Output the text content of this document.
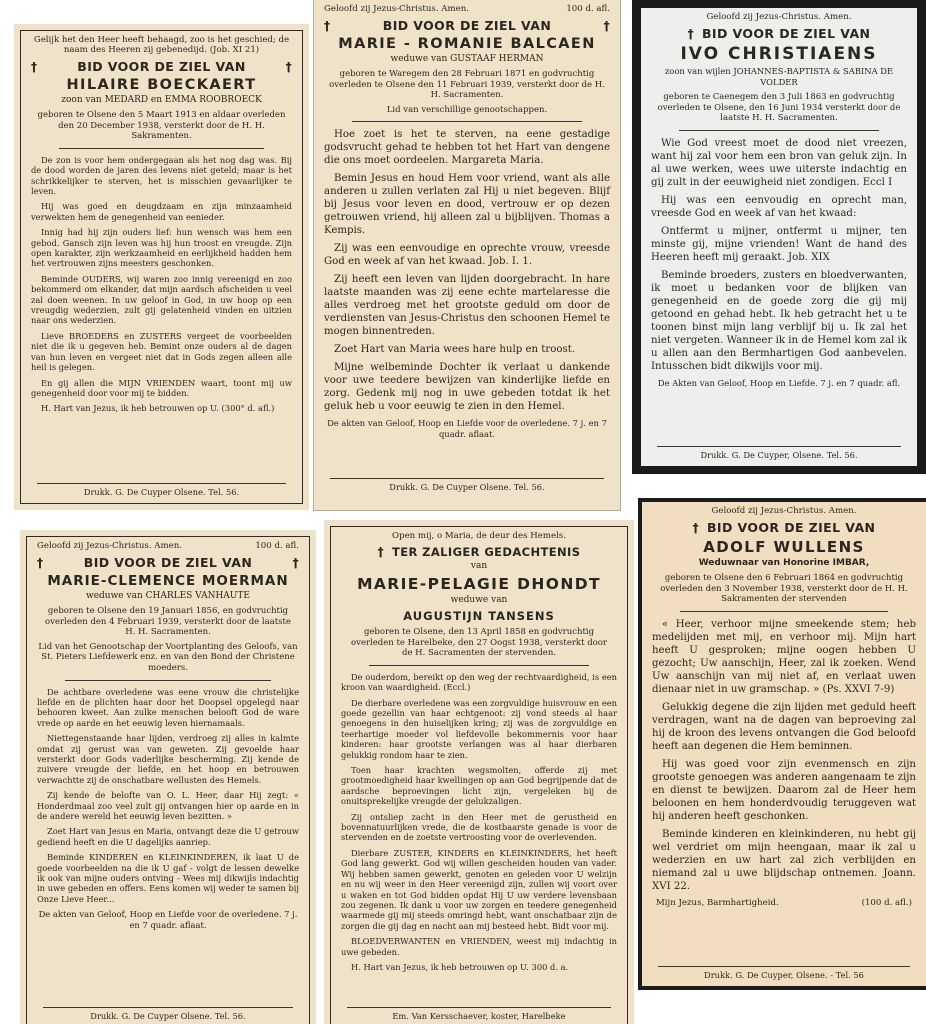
Gelijk het den Heer heeft behaagd, zoo is het geschied; de naam des Heeren zij gebenedijd. (Job. XI 21)
†	BID VOOR DE ZIEL VAN	†
HILAIRE BOECKAERT
zoon van MEDARD en EMMA ROOBROECK
geboren te Olsene den 5 Maart 1913 en aldaar overleden den 20 December 1938, versterkt door de H. H. Sakramenten.

De zon is voor hem ondergegaan als het nog dag was. Bij de dood worden de jaren des levens niet geteld; maar is het schrikkelijker te sterven, het is misschien gevaarlijker te leven.

Hij was goed en deugdzaam en zijn minzaamheid verwekten hem de genegenheid van eenieder.

Innig had hij zijn ouders lief: hun wensch was hem een gebod. Gansch zijn leven was hij hun troost en vreugde. Zijn open karakter, zijn werkzaamheid en eerlijkheid hadden hem het vertrouwen zijns meesters geschonken.

Beminde OUDERS, wij waren zoo innig vereenigd en zoo bekommerd om elkander, dat mijn aardsch afscheiden u veel zal doen weenen. In uw geloof in God, in uw hoop op een vreugdig wederzien, zult gij gelatenheid vinden en uitzien naar ons wederzien.

Lieve BROEDERS en ZUSTERS vergeet de voorbeelden niet die ik u gegeven heb. Bemint onze ouders al de dagen van hun leven en vergeet niet dat in Gods zegen alleen alle heil is gelegen.

En gij allen die MIJN VRIENDEN waart, toont mij uw genegenheid door voor mij te bidden.

H. Hart van Jezus, ik heb betrouwen op U. (300° d. afl.)

Drukk. G. De Cuyper Olsene. Tel. 56.
Geloofd zij Jezus-Christus. Amen.	100 d. afl.
†	BID VOOR DE ZIEL VAN	†
MARIE - ROMANIE BALCAEN
weduwe van GUSTAAF HERMAN
geboren te Waregem den 28 Februari 1871 en godvruchtig overleden te Olsene den 11 Februari 1939, versterkt door de H. H. Sacramenten.
Lid van verschillige genootschappen.

Hoe zoet is het te sterven, na eene gestadige godsvrucht gehad te hebben tot het Hart van dengene die ons moet oordeelen. Margareta Maria.

Bemin Jesus en houd Hem voor vriend, want als alle anderen u zullen verlaten zal Hij u niet begeven. Blijf bij Jesus voor leven en dood, vertrouw er op dezen getrouwen vriend, hij alleen zal u bijblijven. Thomas a Kempis.

Zij was een eenvoudige en oprechte vrouw, vreesde God en week af van het kwaad. Job. I. 1.

Zij heeft een leven van lijden doorgebracht. In hare laatste maanden was zij eene echte martelaresse die alles verdroeg met het grootste geduld om door de verdiensten van Jesus-Christus den schoonen Hemel te mogen binnentreden.

Zoet Hart van Maria wees hare hulp en troost.

Mijne welbeminde Dochter ik verlaat u dankende voor uwe teedere bewijzen van kinderlijke liefde en zorg. Gedenk mij nog in uwe gebeden totdat ik het geluk heb u voor eeuwig te zien in den Hemel.

De akten van Geloof, Hoop en Liefde voor de overledene. 7 j. en 7 quadr. aflaat.
Drukk. G. De Cuyper Olsene. Tel. 56.
Geloofd zij Jezus-Christus. Amen.
† BID VOOR DE ZIEL VAN
IVO CHRISTIAENS
zoon van wijlen JOHANNES-BAPTISTA & SABINA DE VOLDER
geboren te Caenegem den 3 Juli 1863 en godvruchtig overleden te Olsene, den 16 Juni 1934 versterkt door de laatste H. H. Sacramenten.

Wie God vreest moet de dood niet vreezen, want hij zal voor hem een bron van geluk zijn. In al uwe werken, wees uwe uiterste indachtig en gij zult in der eeuwigheid niet zondigen. Eccl I

Hij was een eenvoudig en oprecht man, vreesde God en week af van het kwaad:

Ontfermt u mijner, ontfermt u mijner, ten minste gij, mijne vrienden! Want de hand des Heeren heeft mij geraakt. Job. XIX

Beminde broeders, zusters en bloedverwanten, ik moet u bedanken voor de blijken van genegenheid en de goede zorg die gij mij getoond en gehad hebt. Ik heb getracht het u te toonen binst mijn lang verblijf bij u. Ik zal het niet vergeten. Wanneer ik in de Hemel kom zal ik u allen aan den Bermhartigen God aanbevelen. Intusschen bidt dikwijls voor mij.

De Akten van Geloof, Hoop en Liefde. 7 j. en 7 quadr. afl.
Drukk. G. De Cuyper, Olsene. Tel. 56.
Geloofd zij Jezus-Christus. Amen.	100 d. afl.
†	BID VOOR DE ZIEL VAN	†
MARIE-CLEMENCE MOERMAN
weduwe van CHARLES VANHAUTE
geboren te Olsene den 19 Januari 1856, en godvruchtig overleden den 4 Februari 1939, versterkt door de laatste H. H. Sacramenten.
Lid van het Genootschap der Voortplanting des Geloofs, van St. Pieters Liefdewerk enz. en van den Bond der Christene moeders.

De achtbare overledene was eene vrouw die christelijke liefde en de plichten haar door het Doopsel opgelegd naar behooren kweet. Aan zulke menschen belooft God de ware vrede op aarde en het eeuwig leven hiernamaals.

Niettegenstaande haar lijden, verdroeg zij alles in kalmte omdat zij gerust was van geweten. Zij gevoelde haar versterkt door Gods vaderlijke bescherming. Zij kende de zuivere vreugde der liefde, en het hoop en betrouwen verwachtte zij de onschatbare wellusten des Hemels.

Zij kende de belofte van O. L. Heer, daar Hij zegt: « Honderdmaal zoo veel zult gij ontvangen hier op aarde en in de andere wereld het eeuwig leven bezitten. »

Zoet Hart van Jesus en Maria, ontvangt deze die U getrouw gediend heeft en die U dagelijks aanriep.

Beminde KINDEREN en KLEINKINDEREN, ik laat U de goede voorbeelden na die ik U gaf - volgt de lessen dewelke ik ook van mijne ouders ontving - Wees mij dikwijls indachtig in uwe gebeden en offers. Eens komen wij weder te samen bij Onze Lieve Heer...

De akten van Geloof, Hoop en Liefde voor de overledene. 7 j. en 7 quadr. aflaat.
Drukk. G. De Cuyper Olsene. Tel. 56.
Open mij, o Maria, de deur des Hemels.
† TER ZALIGER GEDACHTENIS
van
MARIE-PELAGIE DHONDT
weduwe van
AUGUSTIJN TANSENS
geboren te Olsene, den 13 April 1858 en godvruchtig overleden te Harelbeke, den 27 Oogst 1938, versterkt door de H. Sacramenten der stervenden.

De ouderdom, bereikt op den weg der rechtvaardigheid, is een kroon van waardigheid. (Eccl.)

De dierbare overledene was een zorgvuldige huisvrouw en een goede gezellin van haar echtgenoot: zij vond steeds al haar genoegens in den huiselijken kring; zij was de zorgvuldige en teerhartige moeder vol liefdevolle bekommernis voor haar kinderen: haar grootste verlangen was al haar dierbaren gelukkig rondom haar te zien.

Toen haar krachten wegsmolten, offerde zij met grootmoedigheid haar kwellingen op aan God begrijpende dat de aardsche beproevingen licht zijn, vergeleken bij de onuitsprekelijke vreugde der gelukzaligen.

Zij ontsliep zacht in den Heer met de gerustheid en bovennatuurlijken vrede, die de kostbaarste genade is voor de stervenden en de zoetste vertroosting voor de overlevenden.

Dierbare ZUSTER, KINDERS en KLEINKINDERS, het heeft God lang gewerkt. God wij willen gescheiden houden van vader. Wij hebben samen gewerkt, genoten en geleden voor U welzijn en nu wij weer in den Heer vereenigd zijn, zullen wij voort over u waken en tot God bidden opdat Hij U uw verdere levensbaan zou zegenen. Ik dank u voor uw zorgen en teedere genegenheid waarmede gij mij steeds omringd hebt, want onschatbaar zijn de zorgen die gij dag en nacht aan mij besteed hebt. Bidt voor mij.

BLOEDVERWANTEN en VRIENDEN, weest mij indachtig in uwe gebeden.

H. Hart van Jezus, ik heb betrouwen op U. 300 d. a.

Em. Van Kersschaever, koster, Harelbeke
Geloofd zij Jezus-Christus. Amen.
† BID VOOR DE ZIEL VAN
ADOLF WULLENS
Weduwnaar van Honorine IMBAR,
geboren te Olsene den 6 Februari 1864 en godvruchtig overleden den 3 November 1938, versterkt door de H. H. Sakramenten der stervenden

« Heer, verhoor mijne smeekende stem; heb medelijden met mij, en verhoor mij. Mijn hart heeft U gesproken; mijne oogen hebben U gezocht; Uw aanschijn, Heer, zal ik zoeken. Wend Uw aanschijn van mij niet af, en verlaat uwen dienaar niet in uw gramschap. » (Ps. XXVI 7-9)

Gelukkig degene die zijn lijden met geduld heeft verdragen, want na de dagen van beproeving zal hij de kroon des levens ontvangen die God beloofd heeft aan degenen die Hem beminnen.

Hij was goed voor zijn evenmensch en zijn grootste genoegen was anderen aangenaam te zijn en dienst te bewijzen. Daarom zal de Heer hem beloonen en hem honderdvoudig teruggeven wat hij anderen heeft geschonken.

Beminde kinderen en kleinkinderen, nu hebt gij wel verdriet om mijn heengaan, maar ik zal u wederzien en uw hart zal zich verblijden en niemand zal u uwe blijdschap ontnemen. Joann. XVI 22.

Mijn Jezus, Barmhartigheid.	(100 d. afl.)
Drukk. G. De Cuyper, Olsene. - Tel. 56
